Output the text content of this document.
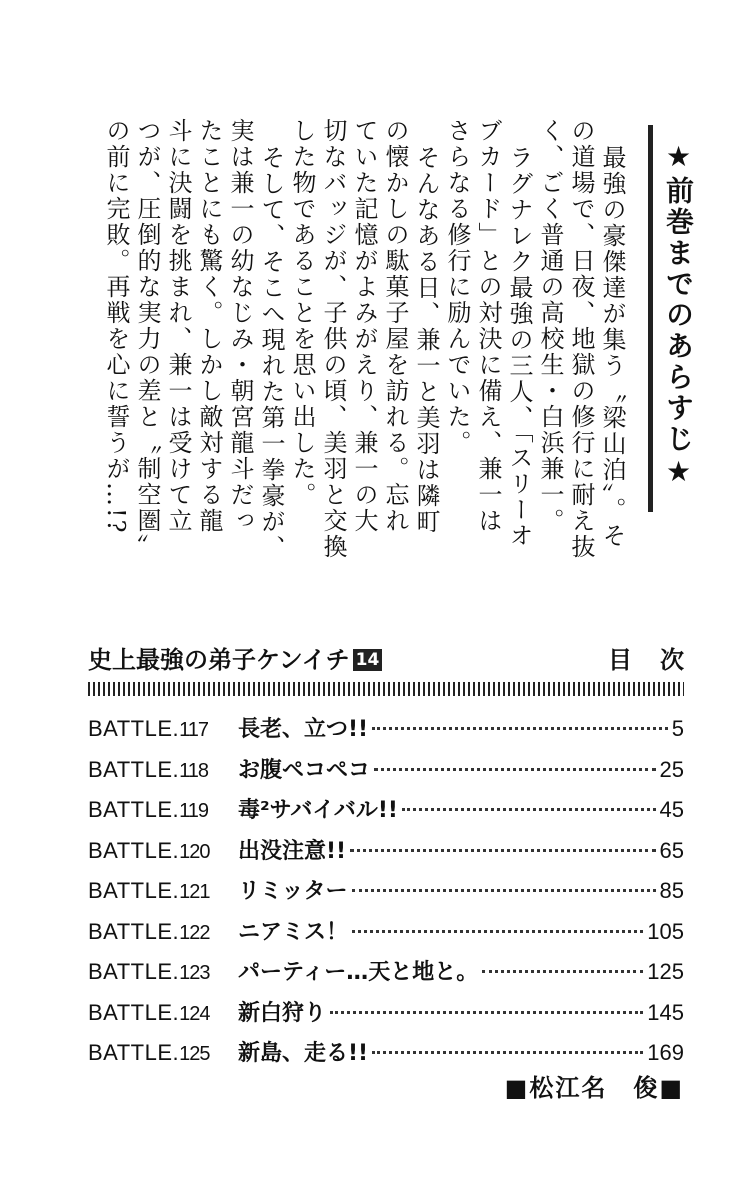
★前巻までのあらすじ★
最強の豪傑達が集う〝梁山泊〟。そ
の道場で、日夜、地獄の修行に耐え抜
く、ごく普通の高校生・白浜兼一。
ラグナレク最強の三人、「スリーオ
ブカード」との対決に備え、兼一は
さらなる修行に励んでいた。
そんなある日、兼一と美羽は隣町
の懐かしの駄菓子屋を訪れる。忘れ
ていた記憶がよみがえり、兼一の大
切なバッジが、子供の頃、美羽と交換
した物であることを思い出した。
そして、そこへ現れた第一拳豪が、
実は兼一の幼なじみ・朝宮龍斗だっ
たことにも驚く。しかし敵対する龍
斗に決闘を挑まれ、兼一は受けて立
つが、圧倒的な実力の差と〝制空圏〟
の前に完敗。再戦を心に誓うが…!?
史上最強の弟子ケンイチ 14	目次
BATTLE.117	長老、立つ!!	5
BATTLE.118	お腹ペコペコ	25
BATTLE.119	毒²サバイバル!!	45
BATTLE.120	出没注意!!	65
BATTLE.121	リミッター	85
BATTLE.122	ニアミス！	105
BATTLE.123	パーティー…天と地と。	125
BATTLE.124	新白狩り	145
BATTLE.125	新島、走る!!	169
■松江名　俊■
